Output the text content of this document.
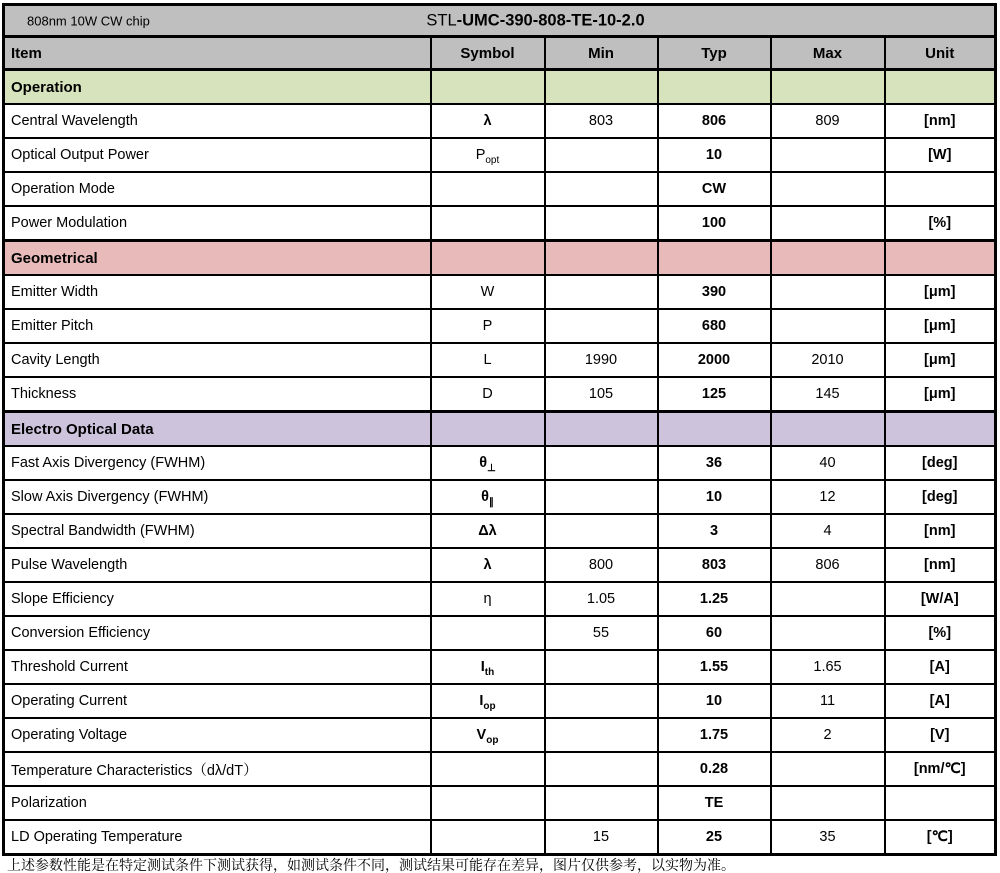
808nm 10W CW chip STL-UMC-390-808-TE-10-2.0					

Item	Symbol	Min	Typ	Max	Unit
Operation					
Central Wavelength	λ	803	806	809	[nm]
Optical Output Power	$P_{opt}$		10		[W]
Operation Mode			CW		
Power Modulation			100		[%]
Geometrical					
Emitter Width	W		390		[μm]
Emitter Pitch	P		680		[μm]
Cavity Length	L	1990	2000	2010	[μm]
Thickness	D	105	125	145	[μm]
Electro Optical Data					
Fast Axis Divergency (FWHM)	$\theta_\perp$		36	40	[deg]
Slow Axis Divergency (FWHM)	$\theta_\parallel$		10	12	[deg]
Spectral Bandwidth (FWHM)	Δλ		3	4	[nm]
Pulse Wavelength	λ	800	803	806	[nm]
Slope Efficiency	η	1.05	1.25		[W/A]
Conversion Efficiency		55	60		[%]
Threshold Current	$I_{th}$		1.55	1.65	[A]
Operating Current	$I_{op}$		10	11	[A]
Operating Voltage	$V_{op}$		1.75	2	[V]
Temperature Characteristics（dλ/dT）			0.28		[nm/℃]
Polarization			TE		
LD Operating Temperature		15	25	35	[℃]
上述参数性能是在特定测试条件下测试获得，如测试条件不同，测试结果可能存在差异，图片仅供参考，以实物为准。
